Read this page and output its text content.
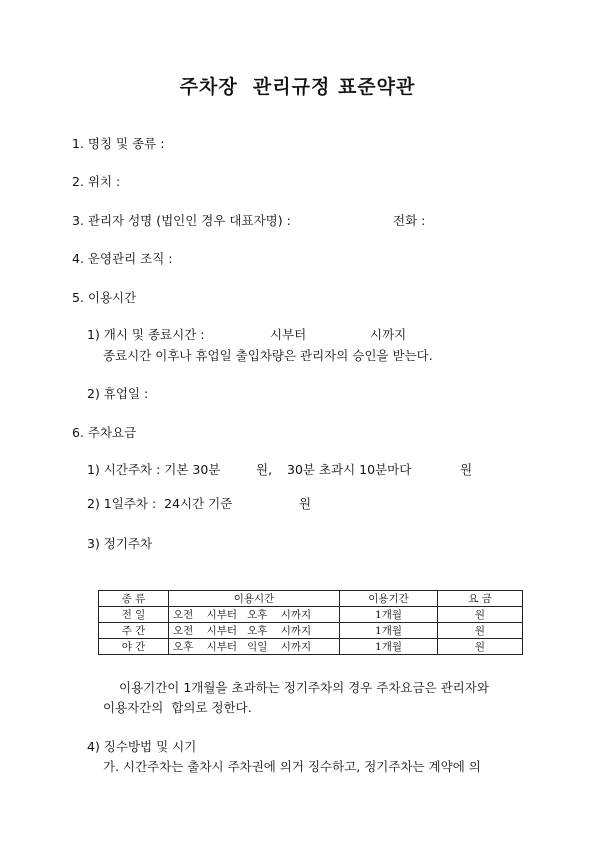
주차장  관리규정 표준약관
1. 명칭 및 종류 :
2. 위치 :
3. 관리자 성명 (법인인 경우 대표자명) :	전화 :
4. 운영관리 조직 :
5. 이용시간
1) 개시 및 종료시간 :	시부터	시까지
종료시간 이후나 휴업일 출입차량은 관리자의 승인을 받는다.
2) 휴업일 :
6. 주차요금
1) 시간주차 : 기본 30분	원, 30분 초과시 10분마다	원
2) 1일주차 :  24시간 기준	원
3) 정기주차
종 류	이용시간	이용기간	요 금
전 일	오전    시부터   오후    시까지	1개월	원
주 간	오전    시부터   오후    시까지	1개월	원
야 간	오후    시부터   익일    시까지	1개월	원
이용기간이 1개월을 초과하는 정기주차의 경우 주차요금은 관리자와
이용자간의  합의로 정한다.
4) 징수방법 및 시기
가. 시간주차는 출차시 주차권에 의거 징수하고, 정기주차는 계약에 의
